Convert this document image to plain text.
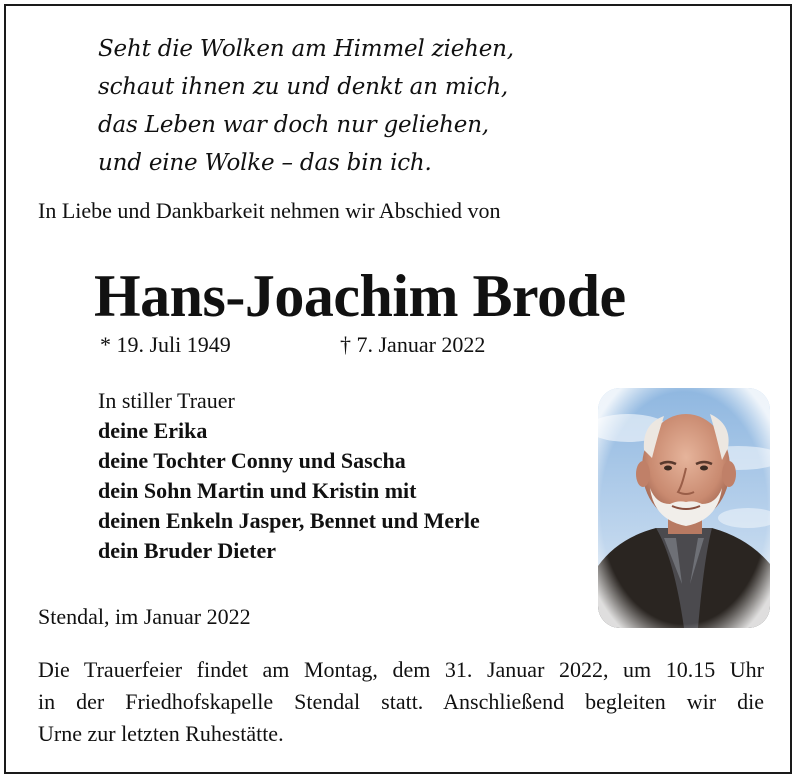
Seht die Wolken am Himmel ziehen,
schaut ihnen zu und denkt an mich,
das Leben war doch nur geliehen,
und eine Wolke – das bin ich.
In Liebe und Dankbarkeit nehmen wir Abschied von
Hans-Joachim Brode
* 19. Juli 1949	† 7. Januar 2022
In stiller Trauer
deine Erika
deine Tochter Conny und Sascha
dein Sohn Martin und Kristin mit
deinen Enkeln Jasper, Bennet und Merle
dein Bruder Dieter
Stendal, im Januar 2022
Die Trauerfeier findet am Montag, dem 31. Januar 2022, um 10.15 Uhr
in der Friedhofskapelle Stendal statt. Anschließend begleiten wir die
Urne zur letzten Ruhestätte.
